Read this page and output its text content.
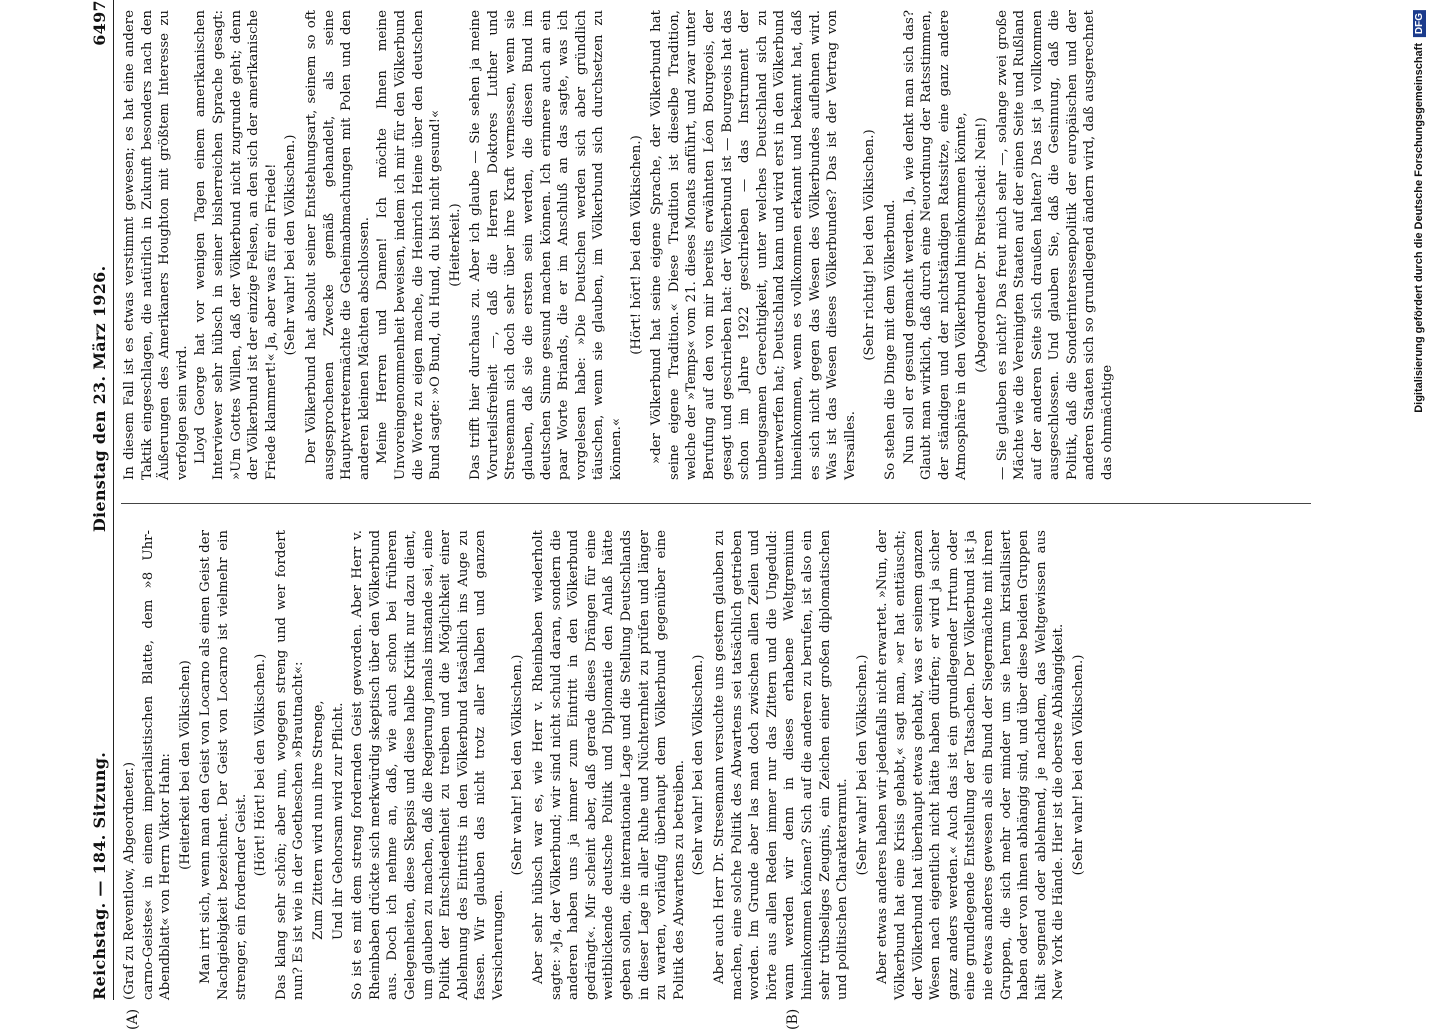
Reichstag. — 184. Sitzung.
Dienstag den 23. März 1926.
6497
(A)	(B)
(Graf zu Reventlow, Abgeordneter.) carno-Geistes« in einem imperialistischen Blatte, dem »8 Uhr-Abendblatt« von Herrn Viktor Hahn: (Heiterkeit bei den Völkischen) Man irrt sich, wenn man den Geist von Locarno als einen Geist der Nachgiebigkeit bezeichnet. Der Geist von Locarno ist vielmehr ein strenger, ein fordernder Geist.
(Hört! Hört! bei den Völkischen.) Das klang sehr schön; aber nun, wogegen streng und wer fordert nun? Es ist wie in der Goetheschen »Brautnacht«: Zum Zittern wird nun ihre Strenge, Und ihr Gehorsam wird zur Pflicht. So ist es mit dem streng fordernden Geist geworden. Aber Herr v. Rheinbaben drückte sich merkwürdig skeptisch über den Völkerbund aus. Doch ich nehme an, daß, wie auch schon bei früheren Gelegenheiten, diese Skepsis und diese halbe Kritik nur dazu dient, um glauben zu machen, daß die Regierung jemals imstande sei, eine Politik der Entschiedenheit zu treiben und die Möglichkeit einer Ablehnung des Eintritts in den Völkerbund tatsächlich ins Auge zu fassen. Wir glauben das nicht trotz aller halben und ganzen Versicherungen.
(Sehr wahr! bei den Völkischen.) Aber sehr hübsch war es, wie Herr v. Rheinbaben wiederholt sagte: »Ja, der Völkerbund; wir sind nicht schuld daran, sondern die anderen haben uns ja immer zum Eintritt in den Völkerbund gedrängt«. Mir scheint aber, daß gerade dieses Drängen für eine weitblickende deutsche Politik und Diplomatie den Anlaß hätte geben sollen, die internationale Lage und die Stellung Deutschlands in dieser Lage in aller Ruhe und Nüchternheit zu prüfen und länger zu warten, vorläufig überhaupt dem Völkerbund gegenüber eine Politik des Abwartens zu betreiben. (Sehr wahr! bei den Völkischen.) Aber auch Herr Dr. Stresemann versuchte uns gestern glauben zu machen, eine solche Politik des Abwartens sei tatsächlich getrieben worden. Im Grunde aber las man doch zwischen allen Zeilen und hörte aus allen Reden immer nur das Zittern und die Ungeduld: wann werden wir denn in dieses erhabene Weltgremium hineinkommen können? Sich auf die anderen zu berufen, ist also ein sehr trübseliges Zeugnis, ein Zeichen einer großen diplomatischen und politischen Charakterarmut.
(Sehr wahr! bei den Völkischen.) Aber etwas anderes haben wir jedenfalls nicht erwartet. »Nun, der Völkerbund hat eine Krisis gehabt,« sagt man, »er hat enttäuscht; der Völkerbund hat überhaupt etwas gehabt, was er seinem ganzen Wesen nach eigentlich nicht hätte haben dürfen; er wird ja sicher ganz anders werden.« Auch das ist ein grundlegender Irrtum oder eine grundlegende Entstellung der Tatsachen. Der Völkerbund ist ja nie etwas anderes gewesen als ein Bund der Siegermächte mit ihren Gruppen, die sich mehr oder minder um sie herum kristallisiert haben oder von ihnen abhängig sind, und über diese beiden Gruppen hält segnend oder ablehnend, je nachdem, das Weltgewissen aus New York die Hände. Hier ist die oberste Abhängigkeit. (Sehr wahr! bei den Völkischen.)
In diesem Fall ist es etwas verstimmt gewesen; es hat eine andere Taktik eingeschlagen, die natürlich in Zukunft besonders nach den Äußerungen des Amerikaners Houghton mit größtem Interesse zu verfolgen sein wird. Lloyd George hat vor wenigen Tagen einem amerikanischen Interviewer sehr hübsch in seiner bisherreichen Sprache gesagt: »Um Gottes Willen, daß der Völkerbund nicht zugrunde geht; denn der Völkerbund ist der einzige Felsen, an den sich der amerikanische Friede klammert!« Ja, aber was für ein Friede! (Sehr wahr! bei den Völkischen.) Der Völkerbund hat absolut seiner Entstehungsart, seinem so oft ausgesprochenen Zwecke gemäß gehandelt, als seine Hauptvertretermächte die Geheimabmachungen mit Polen und den anderen kleinen Mächten abschlossen. Meine Herren und Damen! Ich möchte Ihnen meine Unvoreingenommenheit beweisen, indem ich mir für den Völkerbund die Worte zu eigen mache, die Heinrich Heine über den deutschen Bund sagte: »O Bund, du Hund, du bist nicht gesund!« (Heiterkeit.) Das trifft hier durchaus zu. Aber ich glaube — Sie sehen ja meine Vorurteilsfreiheit —, daß die Herren Doktores Luther und Stresemann sich doch sehr über ihre Kraft vermessen, wenn sie glauben, daß sie die ersten sein werden, die diesen Bund im deutschen Sinne gesund machen können. Ich erinnere auch an ein paar Worte Briands, die er im Anschluß an das sagte, was ich vorgelesen habe: »Die Deutschen werden sich aber gründlich täuschen, wenn sie glauben, im Völkerbund sich durchsetzen zu können.«
(Hört! hört! bei den Völkischen.) »der Völkerbund hat seine eigene Sprache, der Völkerbund hat seine eigene Tradition.« Diese Tradition ist dieselbe Tradition, welche der »Temps« vom 21. dieses Monats anführt, und zwar unter Berufung auf den von mir bereits erwähnten Léon Bourgeois, der gesagt und geschrieben hat: der Völkerbund ist — Bourgeois hat das schon im Jahre 1922 geschrieben — das Instrument der unbeugsamen Gerechtigkeit, unter welches Deutschland sich zu unterwerfen hat; Deutschland kann und wird erst in den Völkerbund hineinkommen, wenn es vollkommen erkannt und bekannt hat, daß es sich nicht gegen das Wesen des Völkerbundes auflehnen wird. Was ist das Wesen dieses Völkerbundes? Das ist der Vertrag von Versailles.
(Sehr richtig! bei den Völkischen.) So stehen die Dinge mit dem Völkerbund. Nun soll er gesund gemacht werden. Ja, wie denkt man sich das? Glaubt man wirklich, daß durch eine Neuordnung der Ratsstimmen, der ständigen und der nichtständigen Ratssitze, eine ganz andere Atmosphäre in den Völkerbund hineinkommen könnte, (Abgeordneter Dr. Breitscheid: Nein!) — Sie glauben es nicht? Das freut mich sehr —, solange zwei große Mächte wie die Vereinigten Staaten auf der einen Seite und Rußland auf der anderen Seite sich draußen halten? Das ist ja vollkommen ausgeschlossen. Und glauben Sie, daß die Gesinnung, daß die Politik, daß die Sonderinteressenpolitik der europäischen und der anderen Staaten sich so grundlegend ändern wird, daß ausgerechnet das ohnmächtige
DFG
Digitalisierung gefördert durch die Deutsche Forschungsgemeinschaft
